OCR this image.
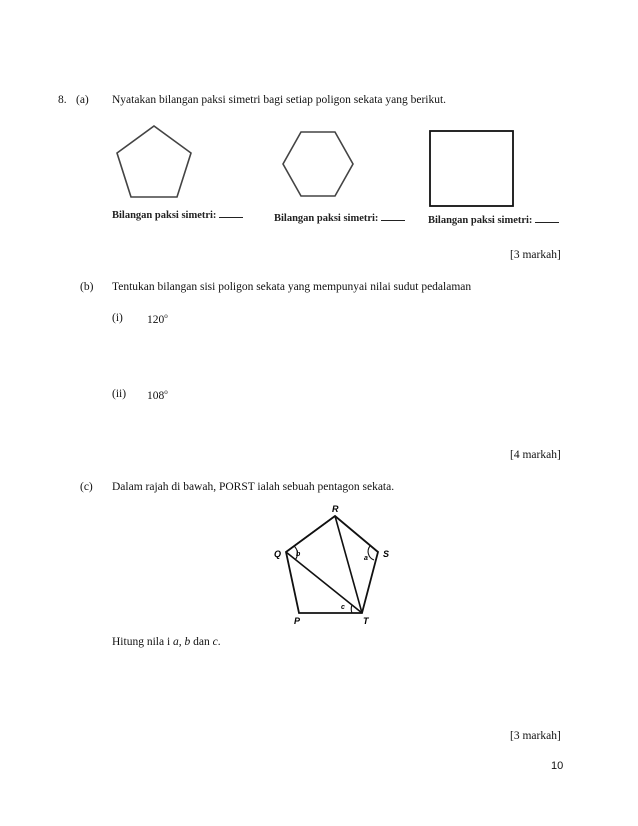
8. (a) Nyatakan bilangan paksi simetri bagi setiap poligon sekata yang berikut.
Bilangan paksi simetri:	Bilangan paksi simetri:	Bilangan paksi simetri:
[3 markah]
(b) Tentukan bilangan sisi poligon sekata yang mempunyai nilai sudut pedalaman
(i) 120$^o$
(ii) 108$^o$
[4 markah]
(c) Dalam rajah di bawah, PORST ialah sebuah pentagon sekata.
R
Q	S
P	T
a
b
c
Hitung nila i a, b dan c.
[3 markah]
10
